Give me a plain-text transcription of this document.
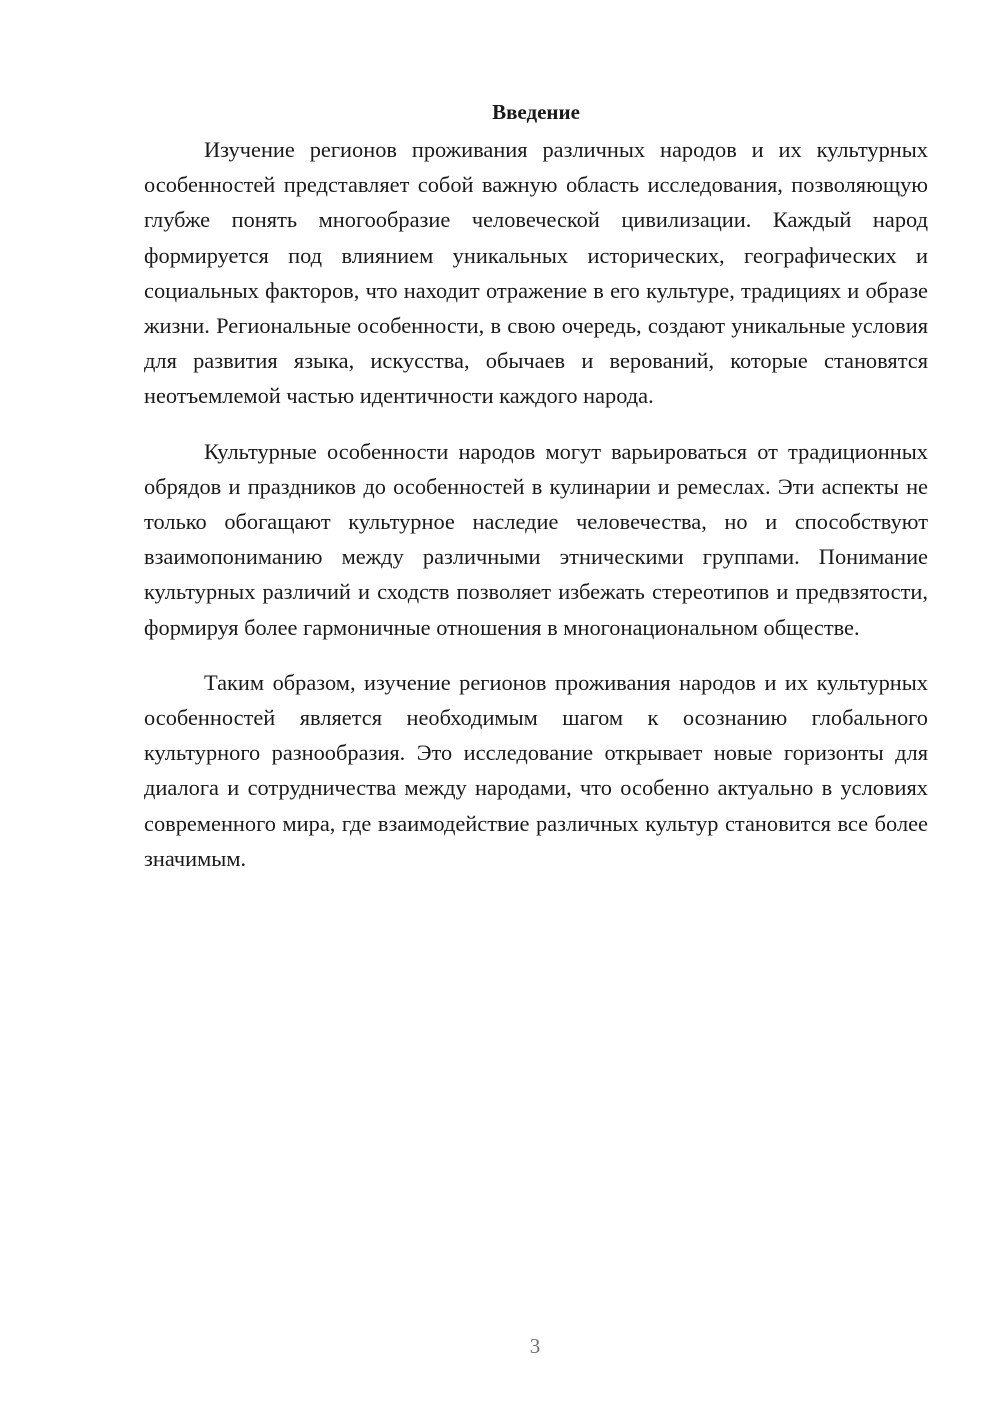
Введение

Изучение регионов проживания различных народов и их культурных особенностей представляет собой важную область исследования, позволяющую глубже понять многообразие человеческой цивилизации. Каждый народ формируется под влиянием уникальных исторических, географических и социальных факторов, что находит отражение в его культуре, традициях и образе жизни. Региональные особенности, в свою очередь, создают уникальные условия для развития языка, искусства, обычаев и верований, которые становятся неотъемлемой частью идентичности каждого народа.

Культурные особенности народов могут варьироваться от традиционных обрядов и праздников до особенностей в кулинарии и ремеслах. Эти аспекты не только обогащают культурное наследие человечества, но и способствуют взаимопониманию между различными этническими группами. Понимание культурных различий и сходств позволяет избежать стереотипов и предвзятости, формируя более гармоничные отношения в многонациональном обществе.

Таким образом, изучение регионов проживания народов и их культурных особенностей является необходимым шагом к осознанию глобального культурного разнообразия. Это исследование открывает новые горизонты для диалога и сотрудничества между народами, что особенно актуально в условиях современного мира, где взаимодействие различных культур становится все более значимым.

3
